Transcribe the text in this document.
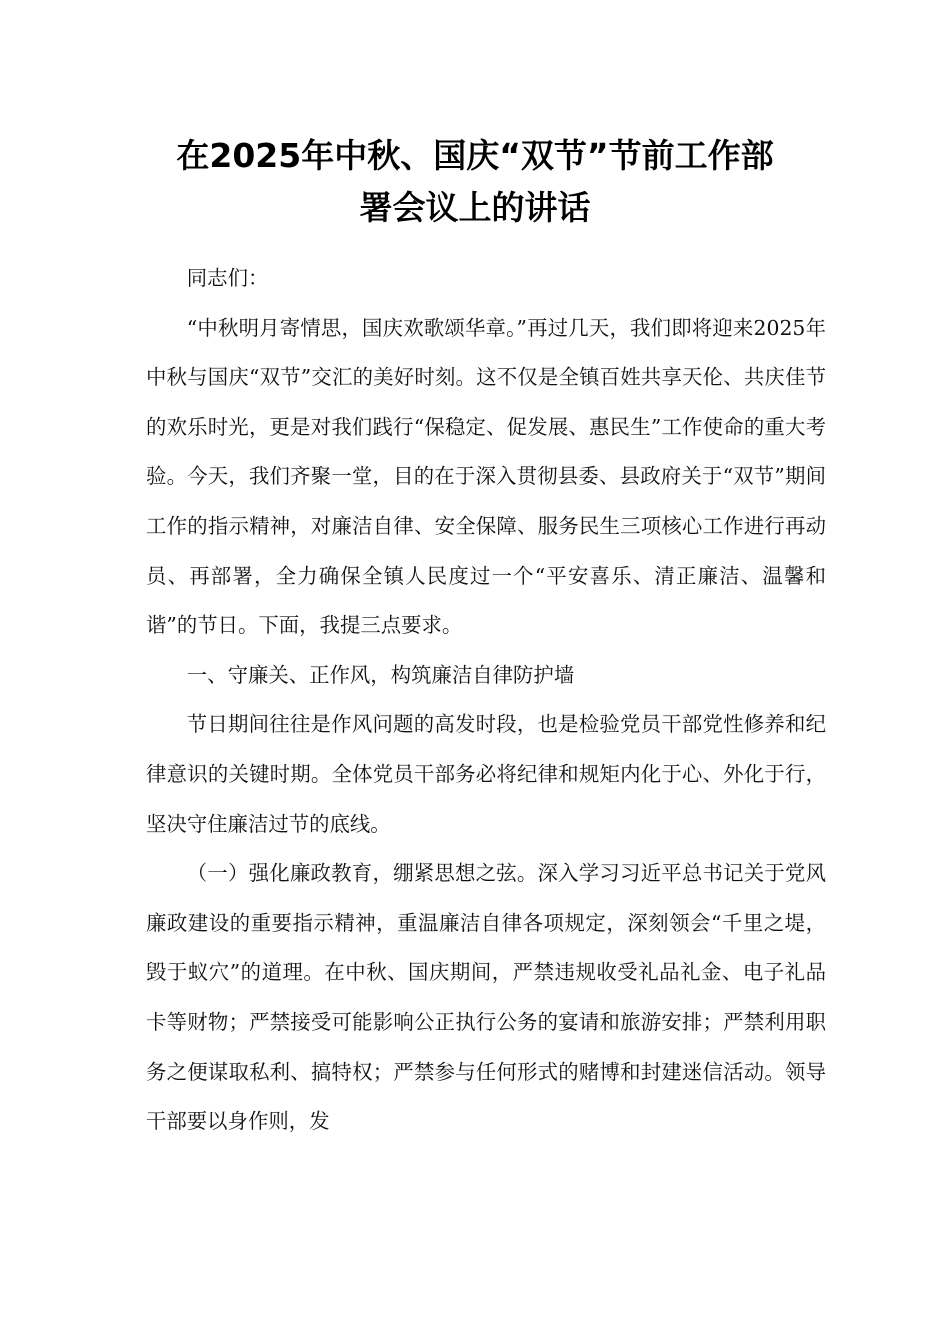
在2025年中秋、国庆“双节”节前工作部
署会议上的讲话

同志们：

“中秋明月寄情思，国庆欢歌颂华章。”再过几天，我们即将迎来2025年中秋与国庆“双节”交汇的美好时刻。这不仅是全镇百姓共享天伦、共庆佳节的欢乐时光，更是对我们践行“保稳定、促发展、惠民生”工作使命的重大考验。今天，我们齐聚一堂，目的在于深入贯彻县委、县政府关于“双节”期间工作的指示精神，对廉洁自律、安全保障、服务民生三项核心工作进行再动员、再部署，全力确保全镇人民度过一个“平安喜乐、清正廉洁、温馨和谐”的节日。下面，我提三点要求。

一、守廉关、正作风，构筑廉洁自律防护墙

节日期间往往是作风问题的高发时段，也是检验党员干部党性修养和纪律意识的关键时期。全体党员干部务必将纪律和规矩内化于心、外化于行，坚决守住廉洁过节的底线。

（一）强化廉政教育，绷紧思想之弦。深入学习习近平总书记关于党风廉政建设的重要指示精神，重温廉洁自律各项规定，深刻领会“千里之堤，毁于蚁穴”的道理。在中秋、国庆期间，严禁违规收受礼品礼金、电子礼品卡等财物；严禁接受可能影响公正执行公务的宴请和旅游安排；严禁利用职务之便谋取私利、搞特权；严禁参与任何形式的赌博和封建迷信活动。领导干部要以身作则，发
